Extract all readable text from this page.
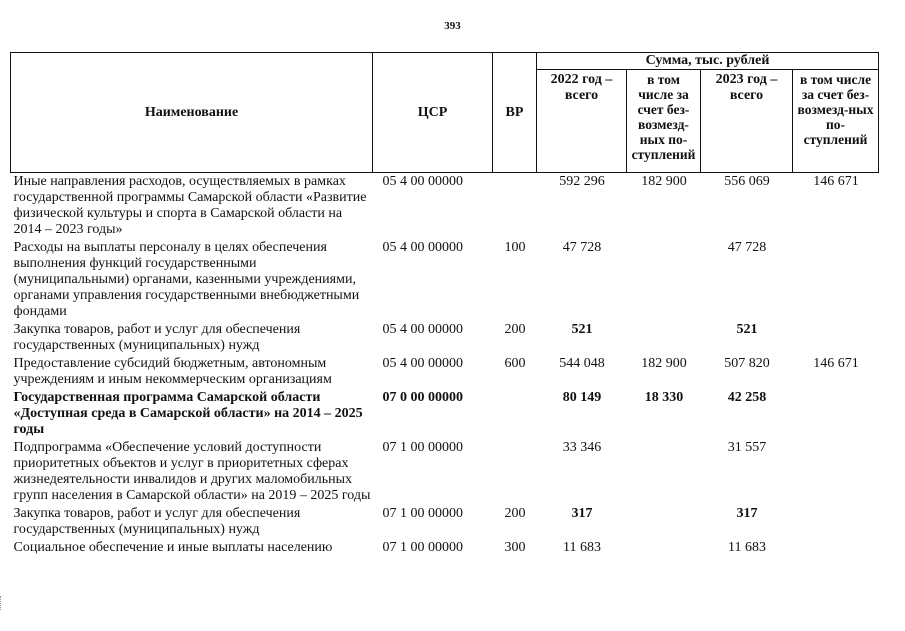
393
Наименование	ЦСР	ВР	Сумма, тыс. рублей			
			2022 год – всего	в том числе за счет без-возмезд-ных по-ступлений	2023 год – всего	в том числе за счет без-возмезд-ных по-ступлений
Иные направления расходов, осуществляемых в рамках государственной программы Самарской области «Развитие физической культуры и спорта в Самарской области на 2014 – 2023 годы»	05 4 00 00000		592 296	182 900	556 069	146 671
Расходы на выплаты персоналу в целях обеспечения выполнения функций государственными (муниципальными) органами, казенными учреждениями, органами управления государственными внебюджетными фондами	05 4 00 00000	100	47 728		47 728	
Закупка товаров, работ и услуг для обеспечения государственных (муниципальных) нужд	05 4 00 00000	200	521		521	
Предоставление субсидий бюджетным, автономным учреждениям и иным некоммерческим организациям	05 4 00 00000	600	544 048	182 900	507 820	146 671
Государственная программа Самарской области «Доступная среда в Самарской области» на 2014 – 2025 годы	07 0 00 00000		80 149	18 330	42 258	
Подпрограмма «Обеспечение условий доступности приоритетных объектов и услуг в приоритетных сферах жизнедеятельности инвалидов и других маломобильных групп населения в Самарской области» на 2019 – 2025 годы	07 1 00 00000		33 346		31 557	
Закупка товаров, работ и услуг для обеспечения государственных (муниципальных) нужд	07 1 00 00000	200	317		317	
Социальное обеспечение и иные выплаты населению	07 1 00 00000	300	11 683		11 683	
